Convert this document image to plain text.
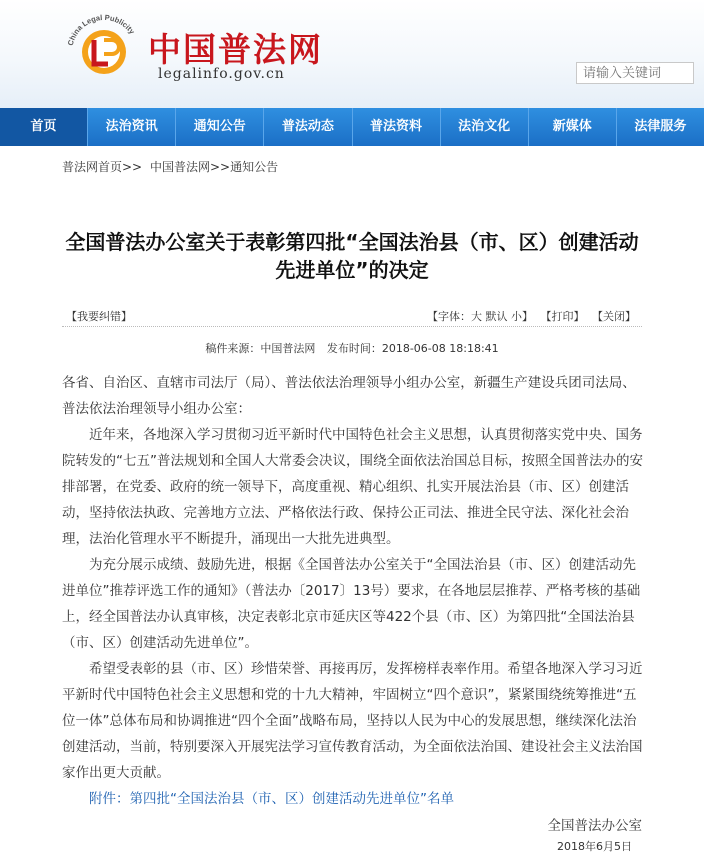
China Legal Publicity 中国普法网
legalinfo.gov.cn
请输入关键词
首页	法治资讯	通知公告	普法动态	普法资料	法治文化	新媒体	法律服务
普法网首页>> 中国普法网>>通知公告
全国普法办公室关于表彰第四批“全国法治县（市、区）创建活动先进单位”的决定
【我要纠错】	【字体：大 默认 小】 【打印】 【关闭】
稿件来源：中国普法网 发布时间：2018-06-08 18:18:41

各省、自治区、直辖市司法厅（局）、普法依法治理领导小组办公室，新疆生产建设兵团司法局、普法依法治理领导小组办公室：

近年来，各地深入学习贯彻习近平新时代中国特色社会主义思想，认真贯彻落实党中央、国务院转发的“七五”普法规划和全国人大常委会决议，围绕全面依法治国总目标，按照全国普法办的安排部署，在党委、政府的统一领导下，高度重视、精心组织、扎实开展法治县（市、区）创建活动，坚持依法执政、完善地方立法、严格依法行政、保持公正司法、推进全民守法、深化社会治理，法治化管理水平不断提升，涌现出一大批先进典型。

为充分展示成绩、鼓励先进，根据《全国普法办公室关于“全国法治县（市、区）创建活动先进单位”推荐评选工作的通知》（普法办〔2017〕13号）要求，在各地层层推荐、严格考核的基础上，经全国普法办认真审核，决定表彰北京市延庆区等422个县（市、区）为第四批“全国法治县（市、区）创建活动先进单位”。

希望受表彰的县（市、区）珍惜荣誉、再接再厉，发挥榜样表率作用。希望各地深入学习习近平新时代中国特色社会主义思想和党的十九大精神，牢固树立“四个意识”，紧紧围绕统筹推进“五位一体”总体布局和协调推进“四个全面”战略布局，坚持以人民为中心的发展思想，继续深化法治创建活动，当前，特别要深入开展宪法学习宣传教育活动，为全面依法治国、建设社会主义法治国家作出更大贡献。

附件：第四批“全国法治县（市、区）创建活动先进单位”名单

全国普法办公室
2018年6月5日
